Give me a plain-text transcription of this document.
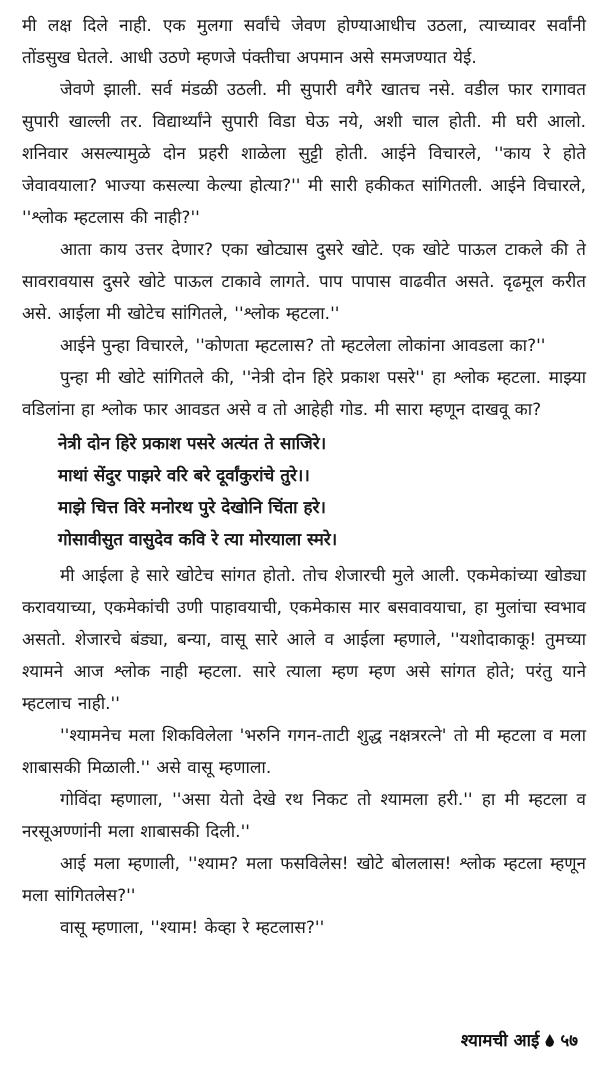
मी लक्ष दिले नाही. एक मुलगा सर्वांचे जेवण होण्याआधीच उठला, त्याच्यावर सर्वांनी तोंडसुख घेतले. आधी उठणे म्हणजे पंक्तीचा अपमान असे समजण्यात येई.

जेवणे झाली. सर्व मंडळी उठली. मी सुपारी वगैरे खातच नसे. वडील फार रागावत सुपारी खाल्ली तर. विद्यार्थ्यांने सुपारी विडा घेऊ नये, अशी चाल होती. मी घरी आलो. शनिवार असल्यामुळे दोन प्रहरी शाळेला सुट्टी होती. आईने विचारले, ''काय रे होते जेवावयाला? भाज्या कसल्या केल्या होत्या?'' मी सारी हकीकत सांगितली. आईने विचारले, ''श्लोक म्हटलास की नाही?''

आता काय उत्तर देणार? एका खोट्यास दुसरे खोटे. एक खोटे पाऊल टाकले की ते सावरावयास दुसरे खोटे पाऊल टाकावे लागते. पाप पापास वाढवीत असते. दृढमूल करीत असे. आईला मी खोटेच सांगितले, ''श्लोक म्हटला.''

आईने पुन्हा विचारले, ''कोणता म्हटलास? तो म्हटलेला लोकांना आवडला का?''

पुन्हा मी खोटे सांगितले की, ''नेत्री दोन हिरे प्रकाश पसरे'' हा श्लोक म्हटला. माझ्या वडिलांना हा श्लोक फार आवडत असे व तो आहेही गोड. मी सारा म्हणून दाखवू का?

नेत्री दोन हिरे प्रकाश पसरे अत्यंत ते साजिरे।

माथां सेंदुर पाझरे वरि बरे दूर्वांकुरांचे तुरे।।

माझे चित्त विरे मनोरथ पुरे देखोनि चिंता हरे।

गोसावीसुत वासुदेव कवि रे त्या मोरयाला स्मरे।

मी आईला हे सारे खोटेच सांगत होतो. तोच शेजारची मुले आली. एकमेकांच्या खोड्या करावयाच्या, एकमेकांची उणी पाहावयाची, एकमेकास मार बसवावयाचा, हा मुलांचा स्वभाव असतो. शेजारचे बंड्या, बन्या, वासू सारे आले व आईला म्हणाले, ''यशोदाकाकू! तुमच्या श्यामने आज श्लोक नाही म्हटला. सारे त्याला म्हण म्हण असे सांगत होते; परंतु याने म्हटलाच नाही.''

''श्यामनेच मला शिकविलेला 'भरुनि गगन-ताटी शुद्ध नक्षत्ररत्ने' तो मी म्हटला व मला शाबासकी मिळाली.'' असे वासू म्हणाला.

गोविंदा म्हणाला, ''असा येतो देखे रथ निकट तो श्यामला हरी.'' हा मी म्हटला व नरसूअण्णांनी मला शाबासकी दिली.''

आई मला म्हणाली, ''श्याम? मला फसविलेस! खोटे बोललास! श्लोक म्हटला म्हणून मला सांगितलेस?''

वासू म्हणाला, ''श्याम! केव्हा रे म्हटलास?''

श्यामची आई ५७
